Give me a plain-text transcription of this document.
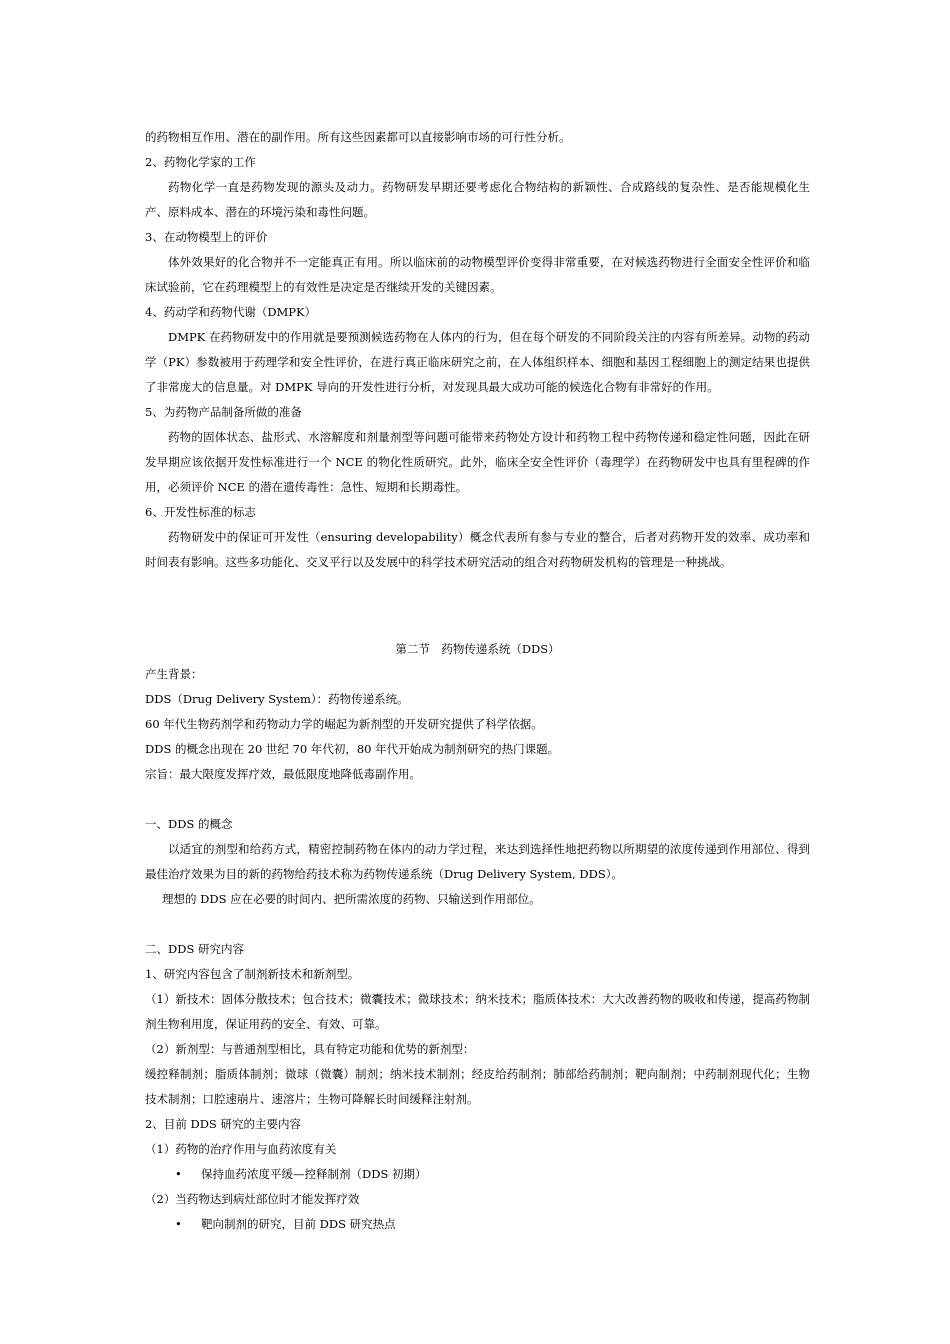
的药物相互作用、潜在的副作用。所有这些因素都可以直接影响市场的可行性分析。

2、药物化学家的工作

药物化学一直是药物发现的源头及动力。药物研发早期还要考虑化合物结构的新颖性、合成路线的复杂性、是否能规模化生产、原料成本、潜在的环境污染和毒性问题。

3、在动物模型上的评价

体外效果好的化合物并不一定能真正有用。所以临床前的动物模型评价变得非常重要，在对候选药物进行全面安全性评价和临床试验前，它在药理模型上的有效性是决定是否继续开发的关键因素。

4、药动学和药物代谢（DMPK）

DMPK 在药物研发中的作用就是要预测候选药物在人体内的行为，但在每个研发的不同阶段关注的内容有所差异。动物的药动学（PK）参数被用于药理学和安全性评价，在进行真正临床研究之前，在人体组织样本、细胞和基因工程细胞上的测定结果也提供了非常庞大的信息量。对 DMPK 导向的开发性进行分析，对发现具最大成功可能的候选化合物有非常好的作用。

5、为药物产品制备所做的准备

药物的固体状态、盐形式、水溶解度和剂量剂型等问题可能带来药物处方设计和药物工程中药物传递和稳定性问题，因此在研发早期应该依据开发性标准进行一个 NCE 的物化性质研究。此外，临床全安全性评价（毒理学）在药物研发中也具有里程碑的作用，必须评价 NCE 的潜在遗传毒性：急性、短期和长期毒性。

6、开发性标准的标志

药物研发中的保证可开发性（ensuring developability）概念代表所有参与专业的整合，后者对药物开发的效率、成功率和时间表有影响。这些多功能化、交叉平行以及发展中的科学技术研究活动的组合对药物研发机构的管理是一种挑战。

第二节　药物传递系统（DDS）

产生背景：

DDS（Drug Delivery System）：药物传递系统。

60 年代生物药剂学和药物动力学的崛起为新剂型的开发研究提供了科学依据。

DDS 的概念出现在 20 世纪 70 年代初，80 年代开始成为制剂研究的热门课题。

宗旨：最大限度发挥疗效，最低限度地降低毒副作用。

一、DDS 的概念

以适宜的剂型和给药方式，精密控制药物在体内的动力学过程，来达到选择性地把药物以所期望的浓度传递到作用部位、得到最佳治疗效果为目的新的药物给药技术称为药物传递系统（Drug Delivery System, DDS）。

理想的 DDS 应在必要的时间内、把所需浓度的药物、只输送到作用部位。

二、DDS 研究内容

1、研究内容包含了制剂新技术和新剂型。

（1）新技术：固体分散技术；包合技术；微囊技术；微球技术；纳米技术；脂质体技术：大大改善药物的吸收和传递，提高药物制剂生物利用度，保证用药的安全、有效、可靠。

（2）新剂型：与普通剂型相比，具有特定功能和优势的新剂型：

缓控释制剂；脂质体制剂；微球（微囊）制剂；纳米技术制剂；经皮给药制剂；肺部给药制剂；靶向制剂；中药制剂现代化；生物技术制剂；口腔速崩片、速溶片；生物可降解长时间缓释注射剂。

2、目前 DDS 研究的主要内容

（1）药物的治疗作用与血药浓度有关

• 保持血药浓度平缓—控释制剂（DDS 初期）

（2）当药物达到病灶部位时才能发挥疗效

• 靶向制剂的研究，目前 DDS 研究热点
